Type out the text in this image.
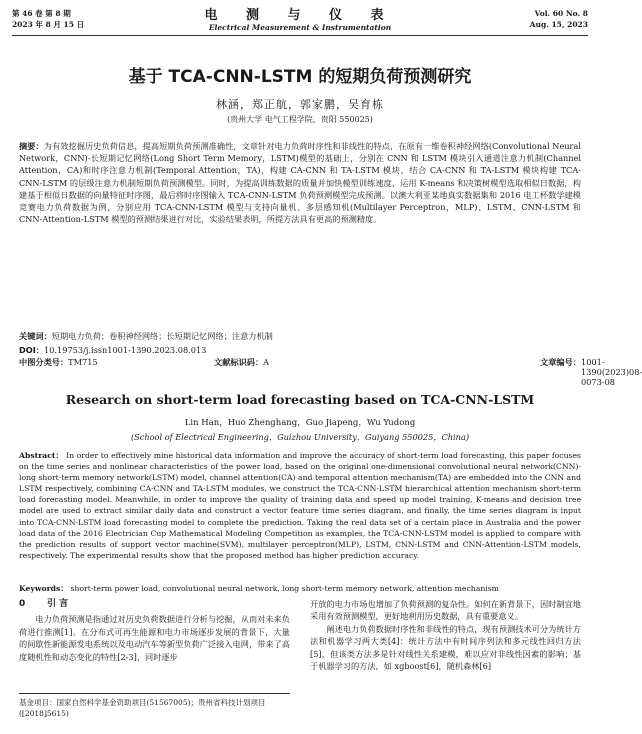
第 46 卷 第 8 期
2023 年 8 月 15 日
电 测 与 仪 表
Electrical Measurement & Instrumentation
Vol. 60 No. 8
Aug. 15, 2023
基于 TCA-CNN-LSTM 的短期负荷预测研究
林涵，郑正航，郭家鹏，吴育栋
(贵州大学 电气工程学院，贵阳 550025)
摘要：为有效挖掘历史负荷信息，提高短期负荷预测准确性，文章针对电力负荷时序性和非线性的特点，在原有一维卷积神经网络(Convolutional Neural Network，CNN)-长短期记忆网络(Long Short Term Memory，LSTM)模型的基础上，分别在 CNN 和 LSTM 模块引入通道注意力机制(Channel Attention，CA)和时序注意力机制(Temporal Attention，TA)，构建 CA-CNN 和 TA-LSTM 模块，结合 CA-CNN 和 TA-LSTM 模块构建 TCA-CNN-LSTM 的层级注意力机制短期负荷预测模型。同时，为提高训练数据的质量并加快模型训练速度，运用 K-means 和决策树模型选取相似日数据，构建基于相似日数据的向量特征时序图，最后将时序图输入 TCA-CNN-LSTM 负荷预测模型完成预测。以澳大利亚某地真实数据集和 2016 电工杯数学建模竞赛电力负荷数据为例，分别应用 TCA-CNN-LSTM 模型与支持向量机、多层感知机(Multilayer Perceptron，MLP)、LSTM、CNN-LSTM 和 CNN-Attention-LSTM 模型的预测结果进行对比，实验结果表明，所提方法具有更高的预测精度。
关键词：短期电力负荷；卷积神经网络；长短期记忆网络；注意力机制
DOI：10.19753/j.issn1001-1390.2023.08.013
中图分类号： TM715	文献标识码： A	文章编号： 1001-1390(2023)08-0073-08
Research on short-term load forecasting based on TCA-CNN-LSTM
Lin Han，Huo Zhenghang，Guo Jiapeng，Wu Yudong
(School of Electrical Engineering，Guizhou University，Guiyang 550025，China)
Abstract： In order to effectively mine historical data information and improve the accuracy of short-term load forecasting, this paper focuses on the time series and nonlinear characteristics of the power load, based on the original one-dimensional convolutional neural network(CNN)-long short-term memory network(LSTM) model, channel attention(CA) and temporal attention mechanism(TA) are embedded into the CNN and LSTM respectively, combining CA-CNN and TA-LSTM modules, we construct the TCA-CNN-LSTM hierarchical attention mechanism short-term load forecasting model. Meanwhile, in order to improve the quality of training data and speed up model training, K-means and decision tree model are used to extract similar daily data and construct a vector feature time series diagram, and finally, the time series diagram is input into TCA-CNN-LSTM load forecasting model to complete the prediction. Taking the real data set of a certain place in Australia and the power load data of the 2016 Electrician Cup Mathematical Modeling Competition as examples, the TCA-CNN-LSTM model is applied to compare with the prediction results of support vector machine(SVM), multilayer perceptron(MLP), LSTM, CNN-LSTM and CNN-Attention-LSTM models, respectively. The experimental results show that the proposed method has higher prediction accuracy.
Keywords： short-term power load, convolutional neural network, long short-term memory network, attention mechanism
0 引 言

电力负荷预测是指通过对历史负荷数据进行分析与挖掘，从而对未来负荷进行推测[1]。在分布式可再生能源和电力市场逐步发展的背景下，大量的间歇性新能源发电系统以及电动汽车等新型负荷广泛接入电网，带来了高度随机性和动态变化的特性[2-3]，同时逐步

基金项目：国家自然科学基金资助项目(51567005)；贵州省科技计划项目([2018]5615)

开放的电力市场也增加了负荷预测的复杂性。如何在新背景下，因时制宜地采用有效预测模型，更好地利用历史数据，具有重要意义。

阐述电力负荷数据时序性和非线性的特点，现有预测技术可分为统计方法和机器学习两大类[4]：统计方法中有时间序列法和多元线性回归方法[5]，但该类方法多是针对线性关系建模，难以应对非线性因素的影响；基于机器学习的方法，如 xgboost[6]，随机森林[6]
